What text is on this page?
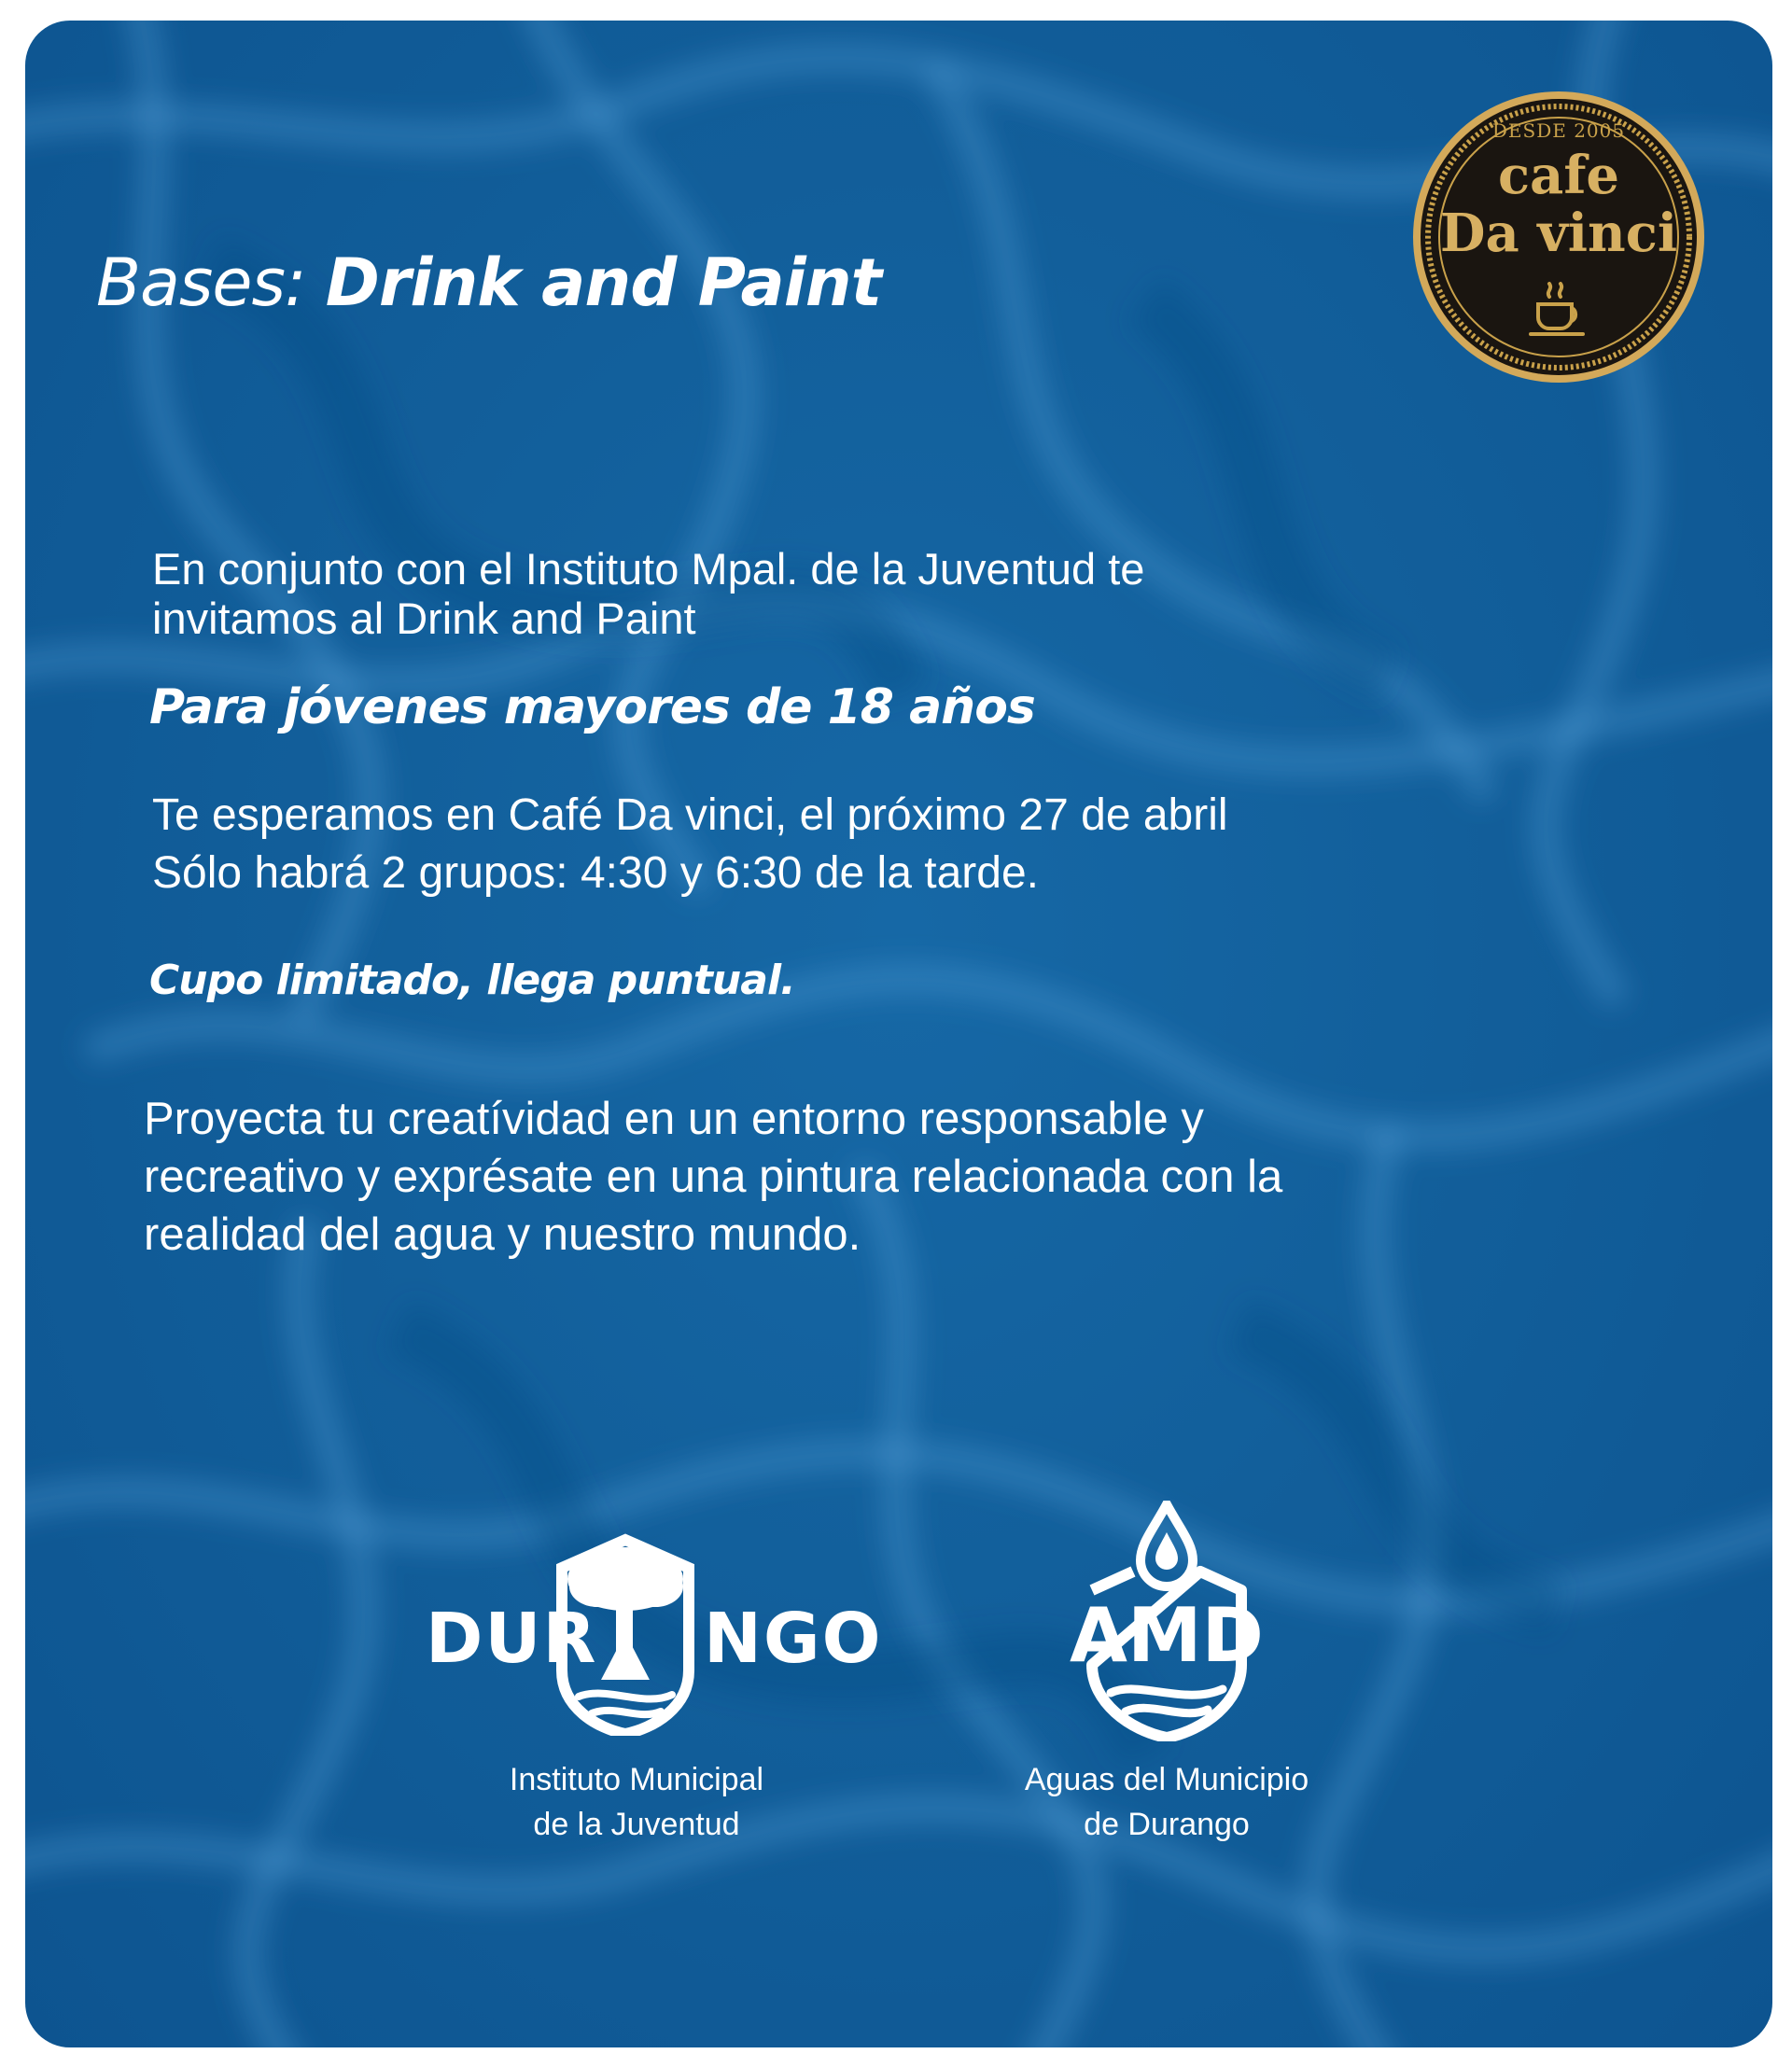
DESDE 2005
cafe
Da vinci
Bases: Drink and Paint

En conjunto con el Instituto Mpal. de la Juventud te

invitamos al Drink and Paint

Para jóvenes mayores de 18 años

Te esperamos en Café Da vinci, el próximo 27 de abril

Sólo habrá 2 grupos: 4:30 y 6:30 de la tarde.

Cupo limitado, llega puntual.

Proyecta tu creatívidad en un entorno responsable y

recreativo y exprésate en una pintura relacionada con la

realidad del agua y nuestro mundo.

DUR NGO
Instituto Municipal
de la Juventud
AMD
Aguas del Municipio
de Durango
